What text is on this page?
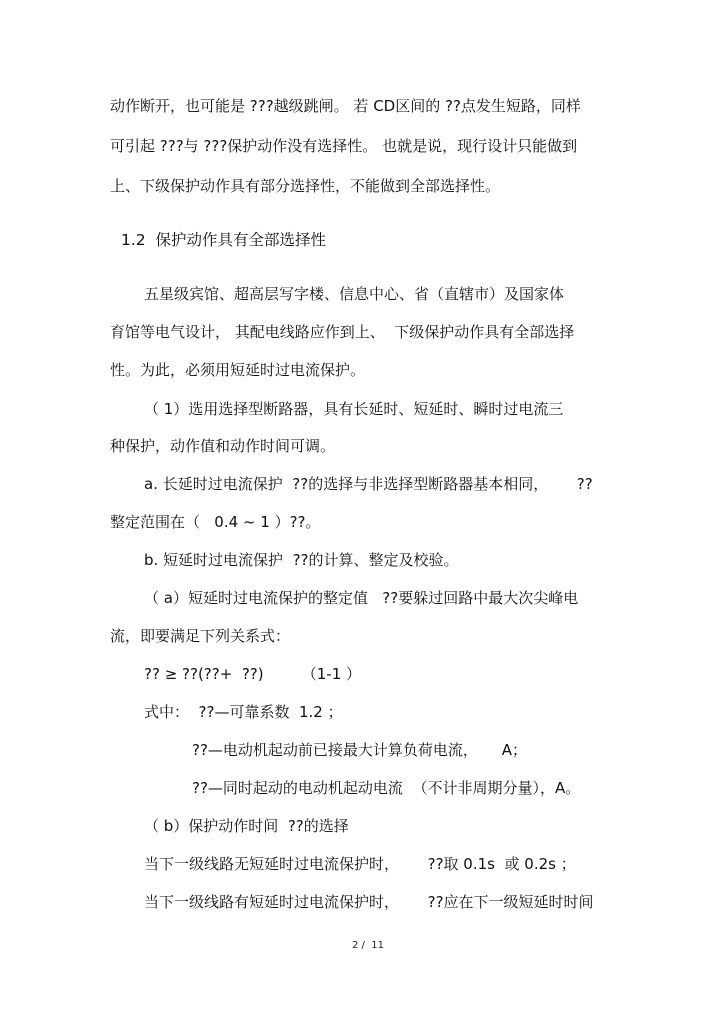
动作断开，也可能是 ???越级跳闸。 若 CD区间的 ??点发生短路，同样
可引起 ???与 ???保护动作没有选择性。 也就是说，现行设计只能做到
上、下级保护动作具有部分选择性，不能做到全部选择性。
1.2  保护动作具有全部选择性
五星级宾馆、超高层写字楼、信息中心、省（直辖市）及国家体
育馆等电气设计， 其配电线路应作到上、  下级保护动作具有全部选择
性。为此，必须用短延时过电流保护。
（ 1）选用选择型断路器，具有长延时、短延时、瞬时过电流三
种保护，动作值和动作时间可调。
a. 长延时过电流保护  ??的选择与非选择型断路器基本相同，      ??
整定范围在（   0.4 ~ 1 ）??。
b. 短延时过电流保护  ??的计算、整定及校验。
（ a）短延时过电流保护的整定值   ??要躲过回路中最大次尖峰电
流，即要满足下列关系式：
?? ≥ ??(??+  ??)        （1-1 ）
式中：  ??—可靠系数  1.2 ；
??—电动机起动前已接最大计算负荷电流，     A；
??—同时起动的电动机起动电流  （不计非周期分量），A。
（ b）保护动作时间  ??的选择
当下一级线路无短延时过电流保护时，      ??取 0.1s  或 0.2s ；
当下一级线路有短延时过电流保护时，      ??应在下一级短延时时间
2 /  11
